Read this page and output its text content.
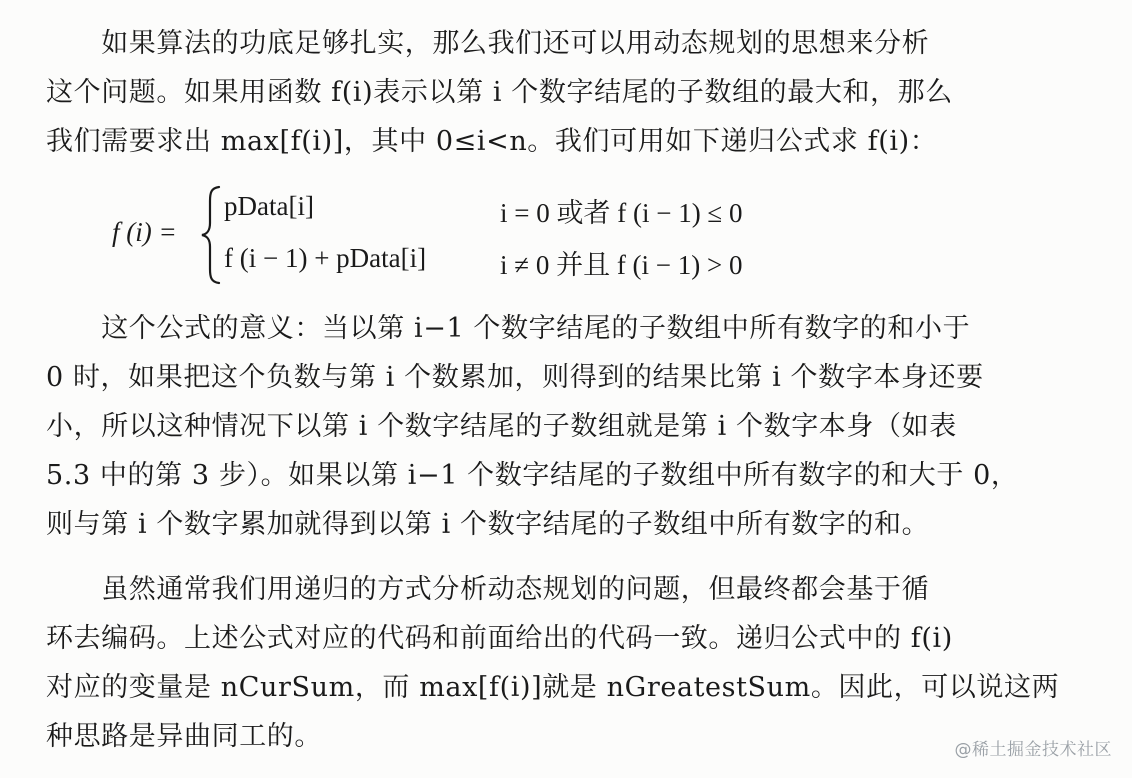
　　如果算法的功底足够扎实，那么我们还可以用动态规划的思想来分析
这个问题。如果用函数 f(i)表示以第 i 个数字结尾的子数组的最大和，那么
我们需要求出 max[f(i)]，其中 0≤i<n。我们可用如下递归公式求 f(i)：

f (i) =
pData[i]	i = 0 或者 f (i − 1) ≤ 0
f (i − 1) + pData[i]	i ≠ 0 并且 f (i − 1) > 0

　　这个公式的意义：当以第 i−1 个数字结尾的子数组中所有数字的和小于
0 时，如果把这个负数与第 i 个数累加，则得到的结果比第 i 个数字本身还要
小，所以这种情况下以第 i 个数字结尾的子数组就是第 i 个数字本身（如表
5.3 中的第 3 步）。如果以第 i−1 个数字结尾的子数组中所有数字的和大于 0，
则与第 i 个数字累加就得到以第 i 个数字结尾的子数组中所有数字的和。

　　虽然通常我们用递归的方式分析动态规划的问题，但最终都会基于循
环去编码。上述公式对应的代码和前面给出的代码一致。递归公式中的 f(i)
对应的变量是 nCurSum，而 max[f(i)]就是 nGreatestSum。因此，可以说这两
种思路是异曲同工的。	@稀土掘金技术社区
